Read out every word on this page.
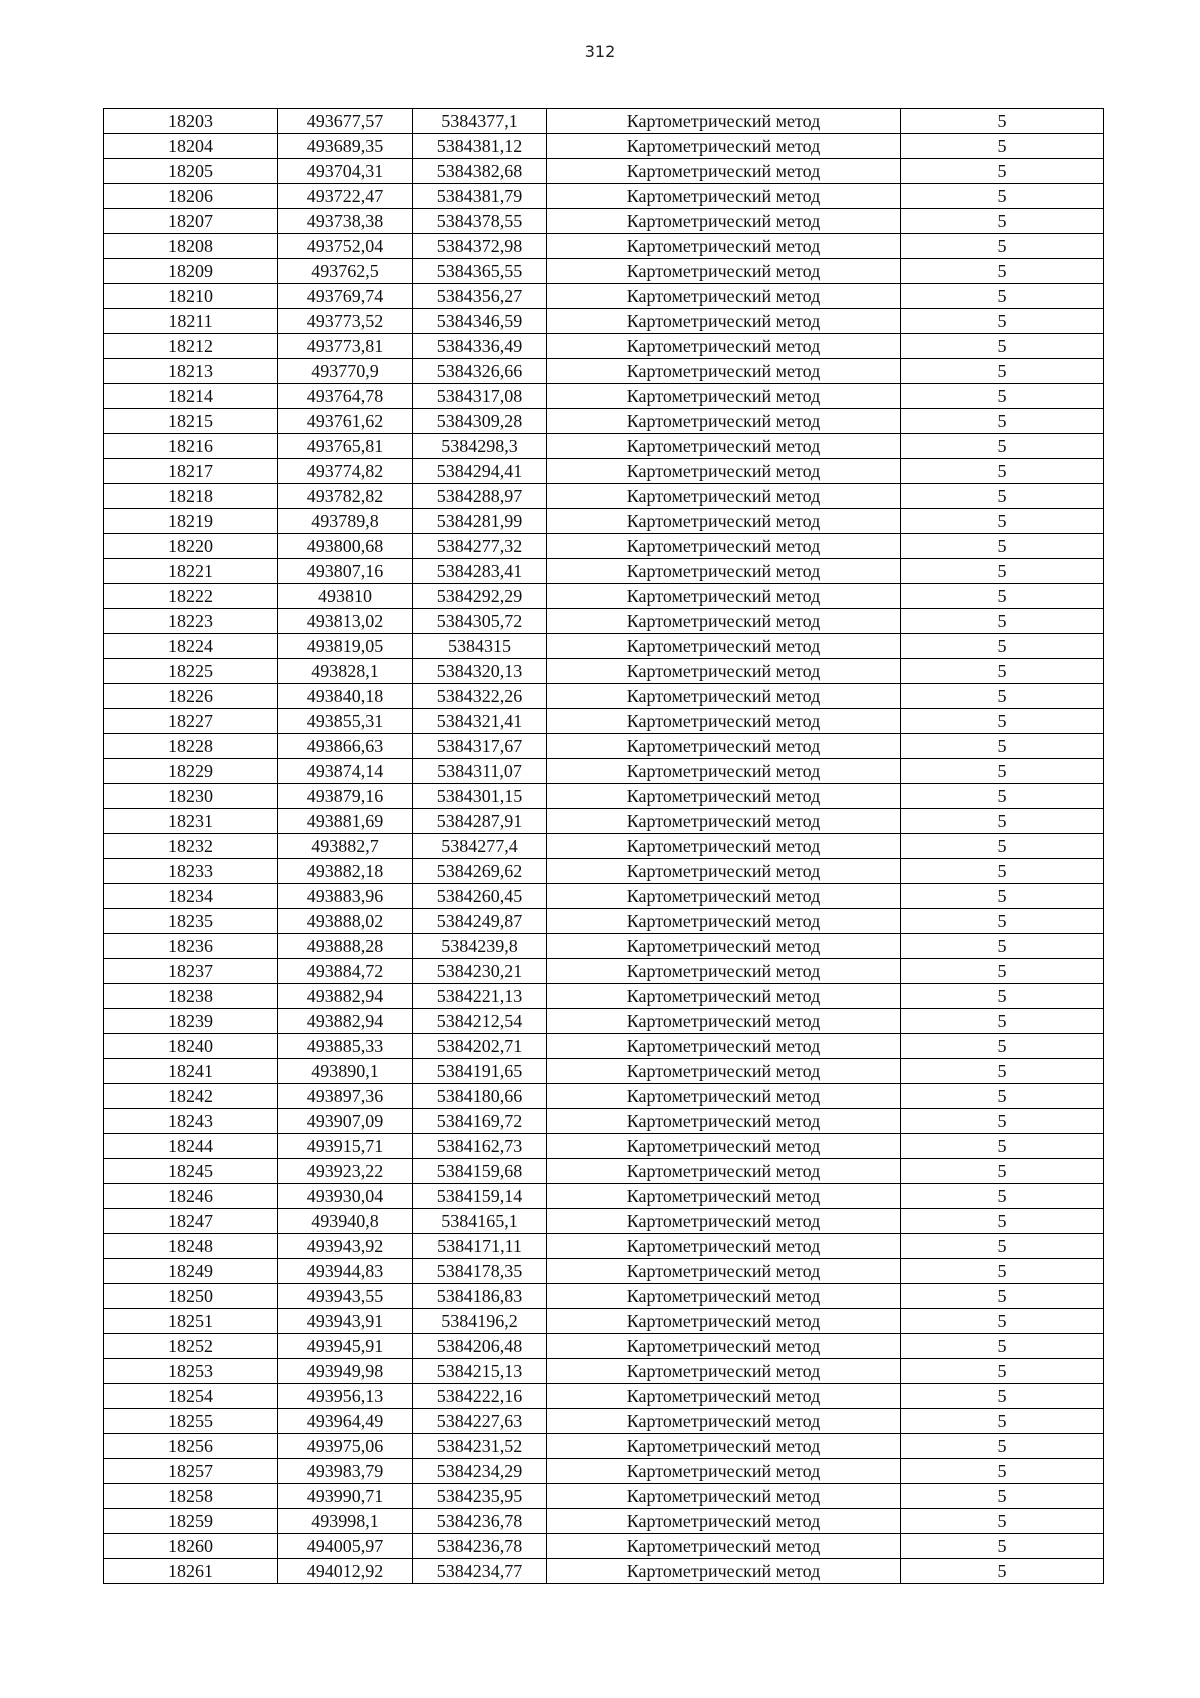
312
18203	493677,57	5384377,1	Картометрический метод	5
18204	493689,35	5384381,12	Картометрический метод	5
18205	493704,31	5384382,68	Картометрический метод	5
18206	493722,47	5384381,79	Картометрический метод	5
18207	493738,38	5384378,55	Картометрический метод	5
18208	493752,04	5384372,98	Картометрический метод	5
18209	493762,5	5384365,55	Картометрический метод	5
18210	493769,74	5384356,27	Картометрический метод	5
18211	493773,52	5384346,59	Картометрический метод	5
18212	493773,81	5384336,49	Картометрический метод	5
18213	493770,9	5384326,66	Картометрический метод	5
18214	493764,78	5384317,08	Картометрический метод	5
18215	493761,62	5384309,28	Картометрический метод	5
18216	493765,81	5384298,3	Картометрический метод	5
18217	493774,82	5384294,41	Картометрический метод	5
18218	493782,82	5384288,97	Картометрический метод	5
18219	493789,8	5384281,99	Картометрический метод	5
18220	493800,68	5384277,32	Картометрический метод	5
18221	493807,16	5384283,41	Картометрический метод	5
18222	493810	5384292,29	Картометрический метод	5
18223	493813,02	5384305,72	Картометрический метод	5
18224	493819,05	5384315	Картометрический метод	5
18225	493828,1	5384320,13	Картометрический метод	5
18226	493840,18	5384322,26	Картометрический метод	5
18227	493855,31	5384321,41	Картометрический метод	5
18228	493866,63	5384317,67	Картометрический метод	5
18229	493874,14	5384311,07	Картометрический метод	5
18230	493879,16	5384301,15	Картометрический метод	5
18231	493881,69	5384287,91	Картометрический метод	5
18232	493882,7	5384277,4	Картометрический метод	5
18233	493882,18	5384269,62	Картометрический метод	5
18234	493883,96	5384260,45	Картометрический метод	5
18235	493888,02	5384249,87	Картометрический метод	5
18236	493888,28	5384239,8	Картометрический метод	5
18237	493884,72	5384230,21	Картометрический метод	5
18238	493882,94	5384221,13	Картометрический метод	5
18239	493882,94	5384212,54	Картометрический метод	5
18240	493885,33	5384202,71	Картометрический метод	5
18241	493890,1	5384191,65	Картометрический метод	5
18242	493897,36	5384180,66	Картометрический метод	5
18243	493907,09	5384169,72	Картометрический метод	5
18244	493915,71	5384162,73	Картометрический метод	5
18245	493923,22	5384159,68	Картометрический метод	5
18246	493930,04	5384159,14	Картометрический метод	5
18247	493940,8	5384165,1	Картометрический метод	5
18248	493943,92	5384171,11	Картометрический метод	5
18249	493944,83	5384178,35	Картометрический метод	5
18250	493943,55	5384186,83	Картометрический метод	5
18251	493943,91	5384196,2	Картометрический метод	5
18252	493945,91	5384206,48	Картометрический метод	5
18253	493949,98	5384215,13	Картометрический метод	5
18254	493956,13	5384222,16	Картометрический метод	5
18255	493964,49	5384227,63	Картометрический метод	5
18256	493975,06	5384231,52	Картометрический метод	5
18257	493983,79	5384234,29	Картометрический метод	5
18258	493990,71	5384235,95	Картометрический метод	5
18259	493998,1	5384236,78	Картометрический метод	5
18260	494005,97	5384236,78	Картометрический метод	5
18261	494012,92	5384234,77	Картометрический метод	5
